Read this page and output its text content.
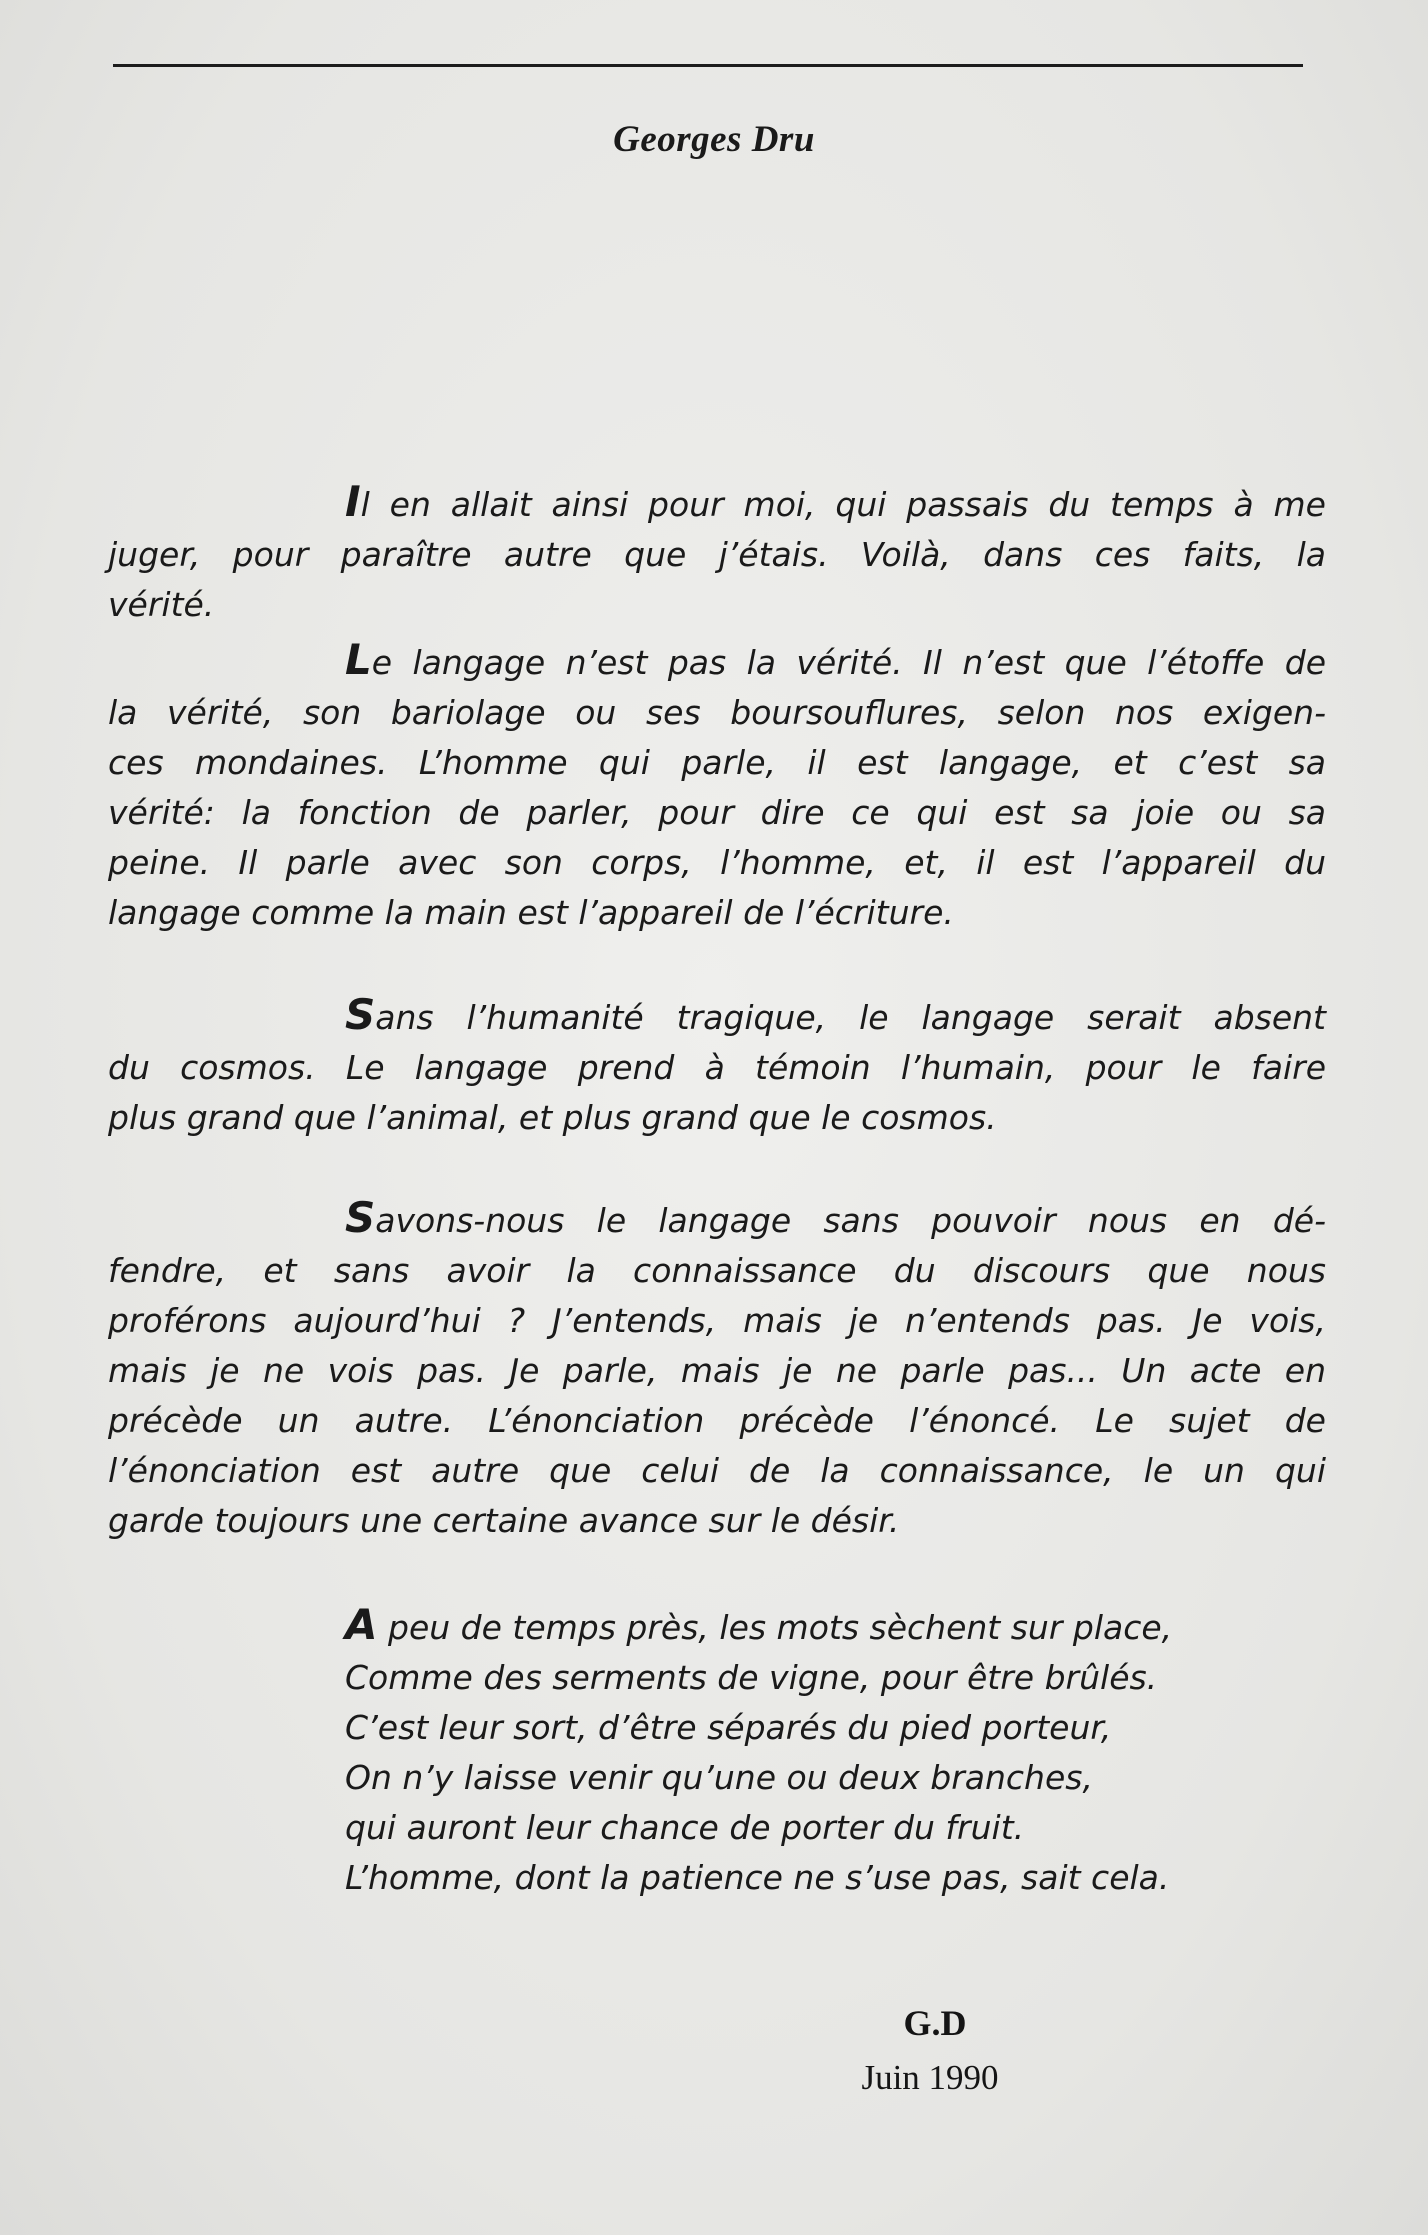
Georges Dru
Il en allait ainsi pour moi, qui passais du temps à me
juger, pour paraître autre que j’étais. Voilà, dans ces faits, la
vérité.
Le langage n’est pas la vérité. Il n’est que l’étoffe de
la vérité, son bariolage ou ses boursouflures, selon nos exigen-
ces mondaines. L’homme qui parle, il est langage, et c’est sa
vérité: la fonction de parler, pour dire ce qui est sa joie ou sa
peine. Il parle avec son corps, l’homme, et, il est l’appareil du
langage comme la main est l’appareil de l’écriture.
Sans l’humanité tragique, le langage serait absent
du cosmos. Le langage prend à témoin l’humain, pour le faire
plus grand que l’animal, et plus grand que le cosmos.
Savons-nous le langage sans pouvoir nous en dé-
fendre, et sans avoir la connaissance du discours que nous
proférons aujourd’hui ? J’entends, mais je n’entends pas. Je vois,
mais je ne vois pas. Je parle, mais je ne parle pas... Un acte en
précède un autre. L’énonciation précède l’énoncé. Le sujet de
l’énonciation est autre que celui de la connaissance, le un qui
garde toujours une certaine avance sur le désir.
A peu de temps près, les mots sèchent sur place,
Comme des serments de vigne, pour être brûlés.
C’est leur sort, d’être séparés du pied porteur,
On n’y laisse venir qu’une ou deux branches,
qui auront leur chance de porter du fruit.
L’homme, dont la patience ne s’use pas, sait cela.
G.D
Juin 1990
